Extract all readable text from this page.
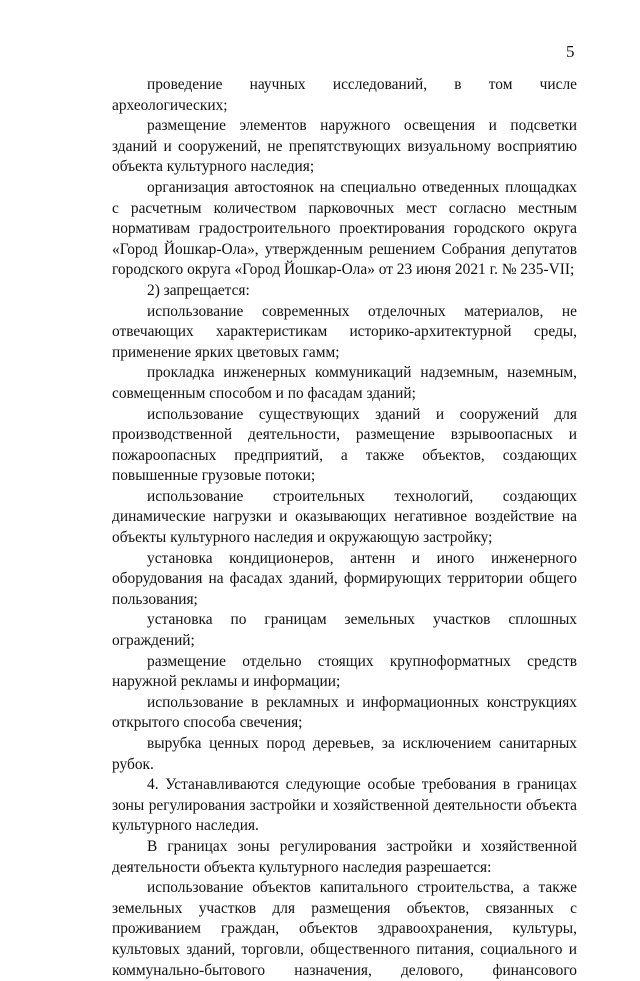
5

проведение научных исследований, в том числе археологических;

размещение элементов наружного освещения и подсветки зданий и сооружений, не препятствующих визуальному восприятию объекта культурного наследия;

организация автостоянок на специально отведенных площадках с расчетным количеством парковочных мест согласно местным нормативам градостроительного проектирования городского округа «Город Йошкар-Ола», утвержденным решением Собрания депутатов городского округа «Город Йошкар-Ола» от 23 июня 2021 г. № 235-VII;

2) запрещается:

использование современных отделочных материалов, не отвечающих характеристикам историко-архитектурной среды, применение ярких цветовых гамм;

прокладка инженерных коммуникаций надземным, наземным, совмещенным способом и по фасадам зданий;

использование существующих зданий и сооружений для производственной деятельности, размещение взрывоопасных и пожароопасных предприятий, а также объектов, создающих повышенные грузовые потоки;

использование строительных технологий, создающих динамические нагрузки и оказывающих негативное воздействие на объекты культурного наследия и окружающую застройку;

установка кондиционеров, антенн и иного инженерного оборудования на фасадах зданий, формирующих территории общего пользования;

установка по границам земельных участков сплошных ограждений;

размещение отдельно стоящих крупноформатных средств наружной рекламы и информации;

использование в рекламных и информационных конструкциях открытого способа свечения;

вырубка ценных пород деревьев, за исключением санитарных рубок.

4. Устанавливаются следующие особые требования в границах зоны регулирования застройки и хозяйственной деятельности объекта культурного наследия.

В границах зоны регулирования застройки и хозяйственной деятельности объекта культурного наследия разрешается:

использование объектов капитального строительства, а также земельных участков для размещения объектов, связанных с проживанием граждан, объектов здравоохранения, культуры, культовых зданий, торговли, общественного питания, социального и коммунально-бытового назначения, делового, финансового
